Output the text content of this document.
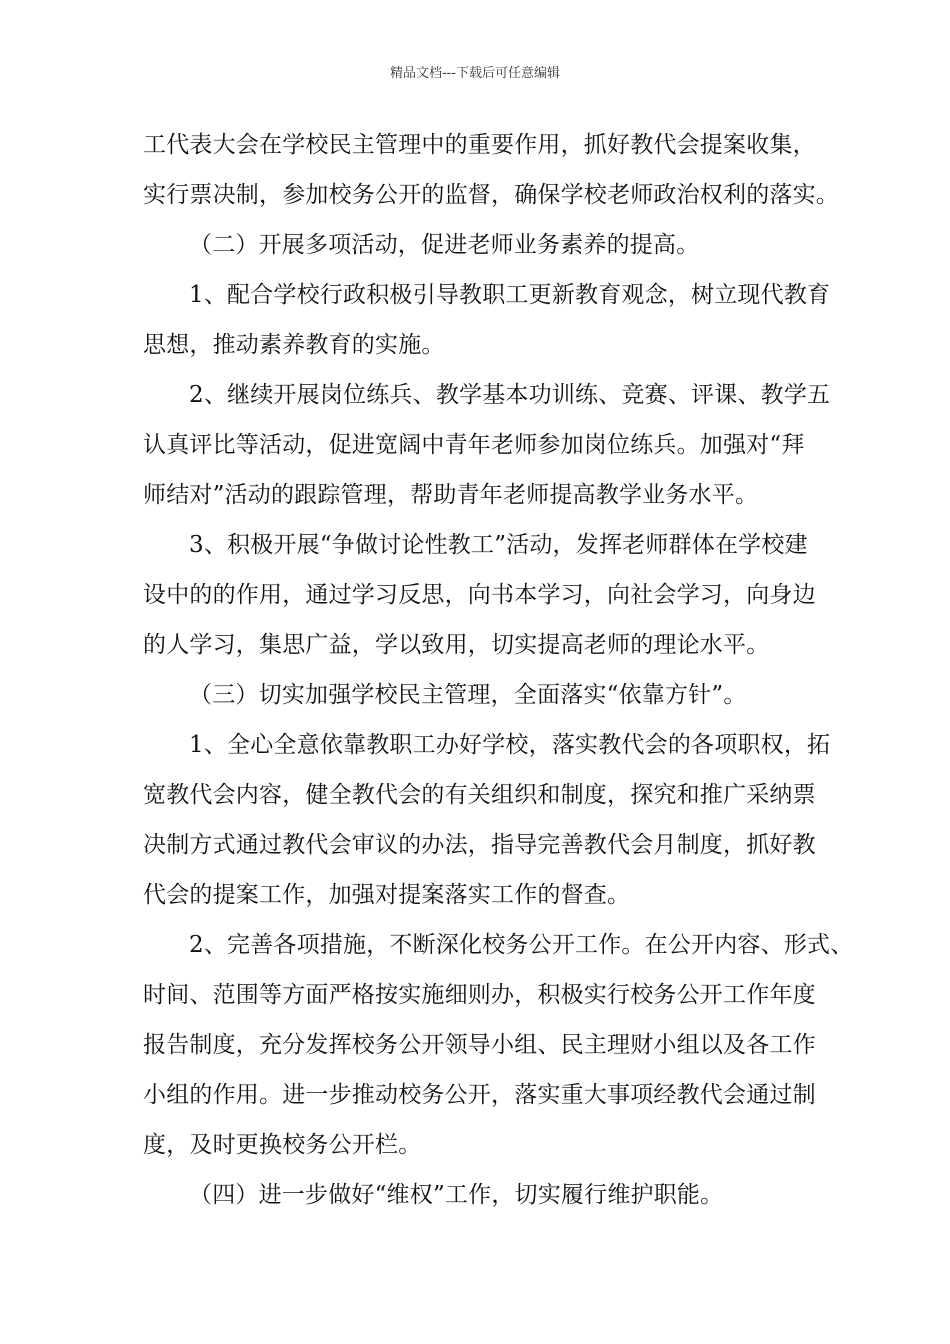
精品文档---下载后可任意编辑
工代表大会在学校民主管理中的重要作用，抓好教代会提案收集，
实行票决制，参加校务公开的监督，确保学校老师政治权利的落实。
（二）开展多项活动，促进老师业务素养的提高。
1、配合学校行政积极引导教职工更新教育观念，树立现代教育
思想，推动素养教育的实施。
2、继续开展岗位练兵、教学基本功训练、竞赛、评课、教学五
认真评比等活动，促进宽阔中青年老师参加岗位练兵。加强对“拜
师结对”活动的跟踪管理，帮助青年老师提高教学业务水平。
3、积极开展“争做讨论性教工”活动，发挥老师群体在学校建
设中的的作用，通过学习反思，向书本学习，向社会学习，向身边
的人学习，集思广益，学以致用，切实提高老师的理论水平。
（三）切实加强学校民主管理，全面落实“依靠方针”。
1、全心全意依靠教职工办好学校，落实教代会的各项职权，拓
宽教代会内容，健全教代会的有关组织和制度，探究和推广采纳票
决制方式通过教代会审议的办法，指导完善教代会月制度，抓好教
代会的提案工作，加强对提案落实工作的督查。
2、完善各项措施，不断深化校务公开工作。在公开内容、形式、
时间、范围等方面严格按实施细则办，积极实行校务公开工作年度
报告制度，充分发挥校务公开领导小组、民主理财小组以及各工作
小组的作用。进一步推动校务公开，落实重大事项经教代会通过制
度，及时更换校务公开栏。
（四）进一步做好“维权”工作，切实履行维护职能。
